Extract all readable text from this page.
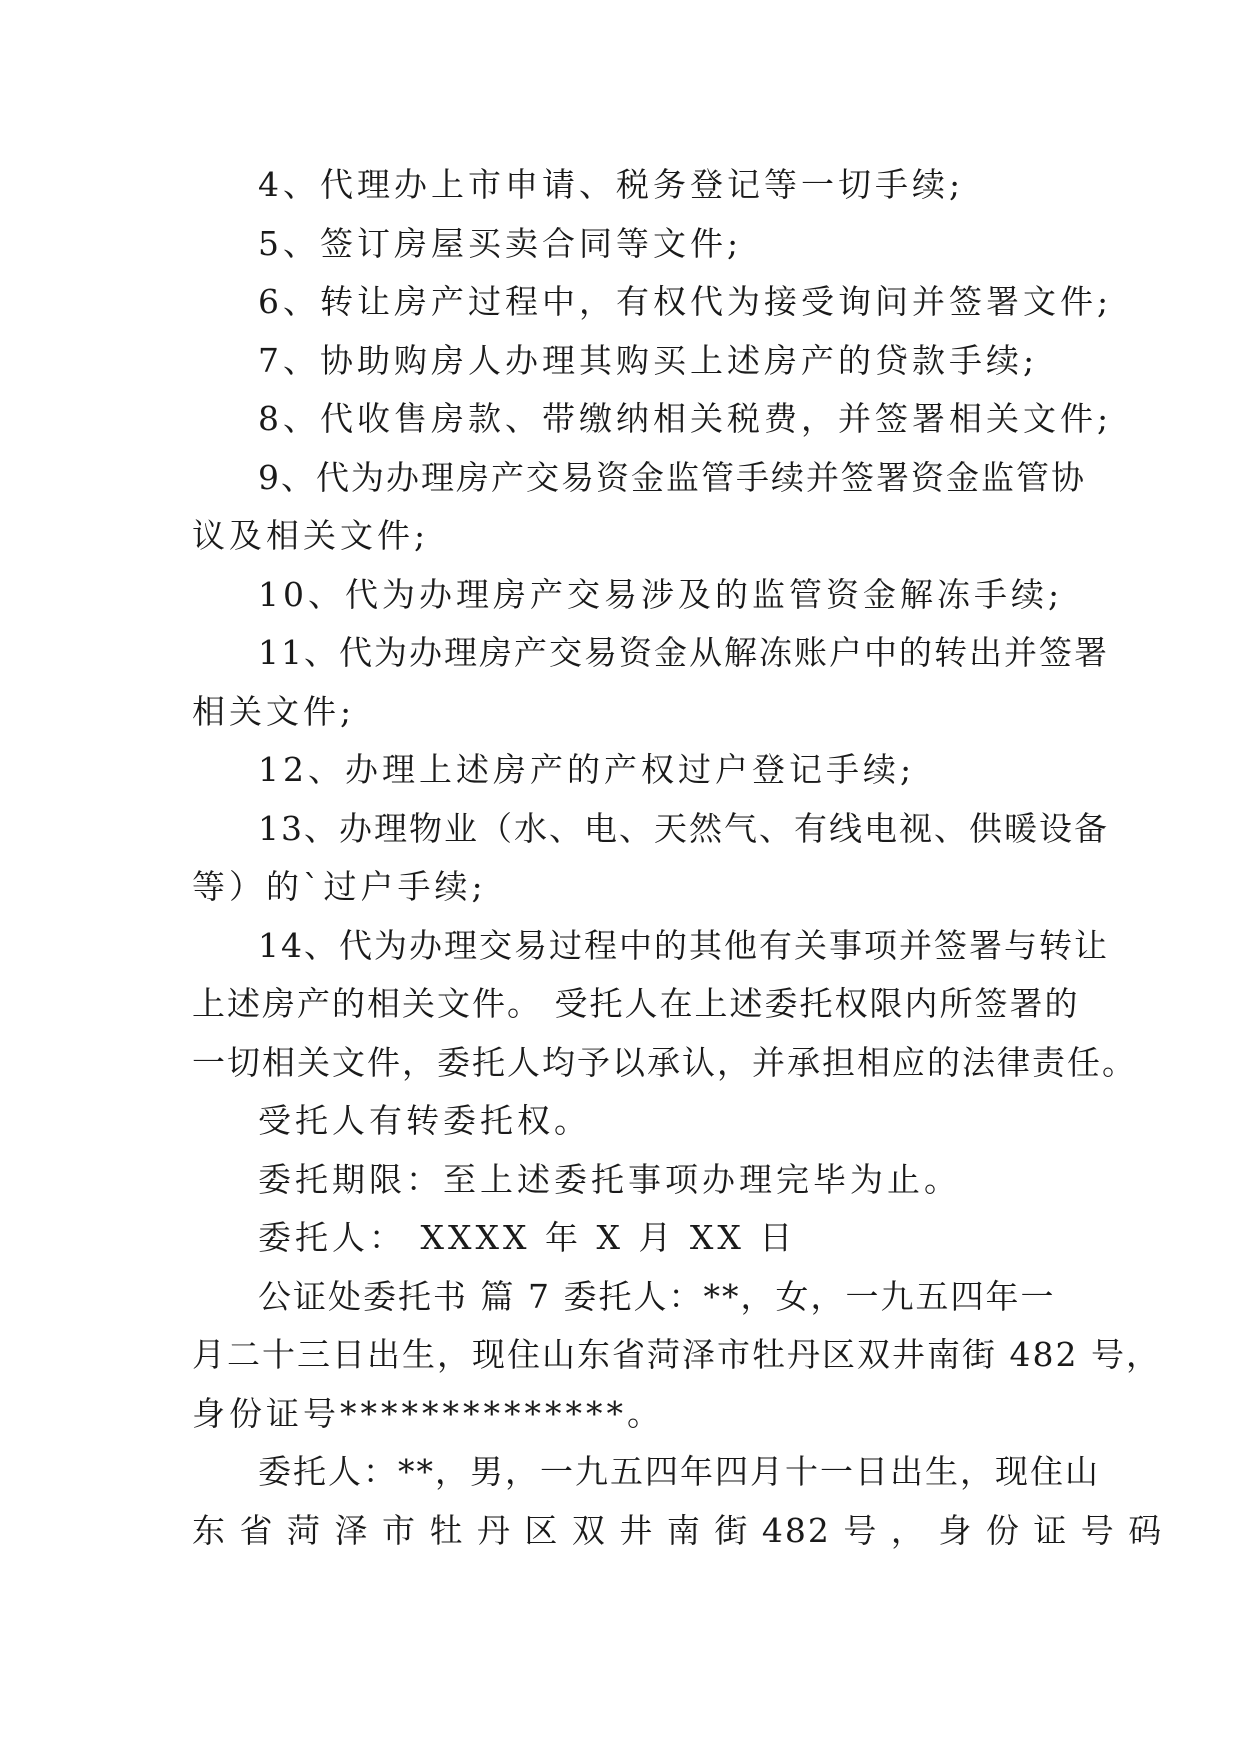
4、代理办上市申请、税务登记等一切手续;
5、签订房屋买卖合同等文件;
6、转让房产过程中，有权代为接受询问并签署文件;
7、协助购房人办理其购买上述房产的贷款手续;
8、代收售房款、带缴纳相关税费，并签署相关文件;
9、代为办理房产交易资金监管手续并签署资金监管协
议及相关文件;
10、代为办理房产交易涉及的监管资金解冻手续;
11、代为办理房产交易资金从解冻账户中的转出并签署
相关文件;
12、办理上述房产的产权过户登记手续;
13、办理物业（水、电、天然气、有线电视、供暖设备
等）的`过户手续;
14、代为办理交易过程中的其他有关事项并签署与转让
上述房产的相关文件。 受托人在上述委托权限内所签署的
一切相关文件，委托人均予以承认，并承担相应的法律责任。
受托人有转委托权。
委托期限：至上述委托事项办理完毕为止。
委托人： XXXX 年 X 月 XX 日
公证处委托书 篇 7 委托人：**，女，一九五四年一
月二十三日出生，现住山东省菏泽市牡丹区双井南街 482 号，
身份证号**************。
委托人：**，男，一九五四年四月十一日出生，现住山
东 省 菏 泽 市 牡 丹 区 双 井 南 街 482 号 ， 身 份 证 号 码
